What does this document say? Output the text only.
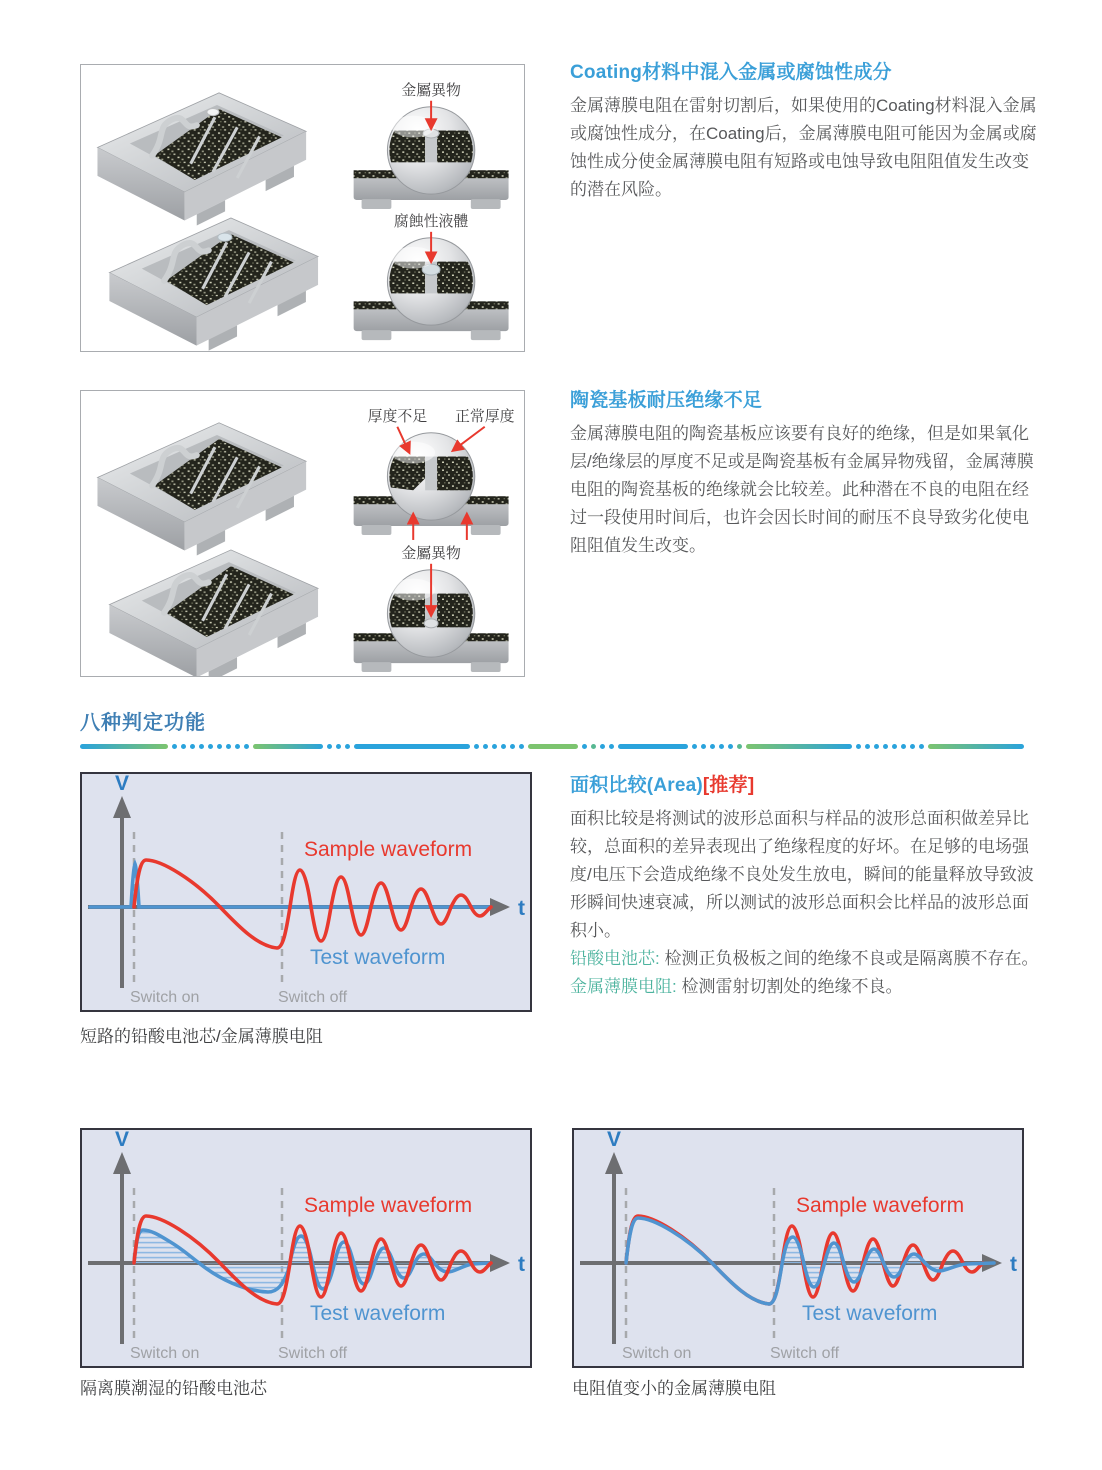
金屬異物
腐蝕性液體
Coating材料中混入金属或腐蚀性成分

金属薄膜电阻在雷射切割后，如果使用的Coating材料混入金属或腐蚀性成分，在Coating后，金属薄膜电阻可能因为金属或腐蚀性成分使金属薄膜电阻有短路或电蚀导致电阻阻值发生改变的潜在风险。

厚度不足 正常厚度
金屬異物
陶瓷基板耐压绝缘不足

金属薄膜电阻的陶瓷基板应该要有良好的绝缘，但是如果氧化层/绝缘层的厚度不足或是陶瓷基板有金属异物残留，金属薄膜电阻的陶瓷基板的绝缘就会比较差。此种潜在不良的电阻在经过一段使用时间后，也许会因长时间的耐压不良导致劣化使电阻阻值发生改变。

八种判定功能
V
t
Sample waveform
Test waveform
Switch on	Switch off
短路的铅酸电池芯/金属薄膜电阻
面积比较(Area)[推荐]

面积比较是将测试的波形总面积与样品的波形总面积做差异比较，总面积的差异表现出了绝缘程度的好坏。在足够的电场强度/电压下会造成绝缘不良处发生放电，瞬间的能量释放导致波形瞬间快速衰减，所以测试的波形总面积会比样品的波形总面积小。

铅酸电池芯: 检测正负极板之间的绝缘不良或是隔离膜不存在。

金属薄膜电阻: 检测雷射切割处的绝缘不良。

V
t
Sample waveform
Test waveform
Switch on	Switch off
隔离膜潮湿的铅酸电池芯
V
t
Sample waveform
Test waveform
Switch on	Switch off
电阻值变小的金属薄膜电阻
